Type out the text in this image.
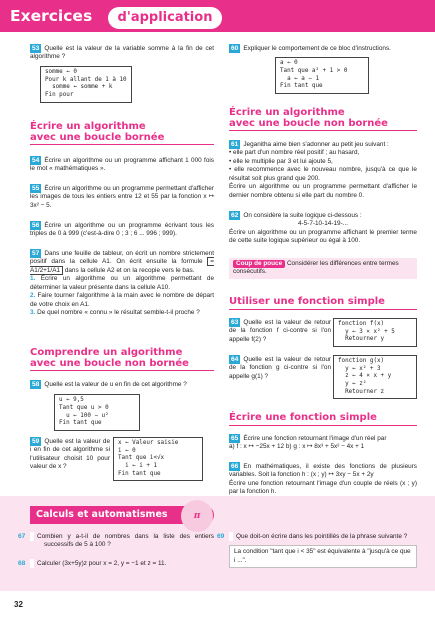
Exercices	d'application
53 Quelle est la valeur de la variable somme à la fin de cet algorithme ?
somme ← 0
Pour k allant de 1 à 10
somme ← somme + k
Fin pour
Écrire un algorithme
avec une boucle bornée
54 Écrire un algorithme ou un programme affichant 1 000 fois le mot « mathématiques ».
55 Écrire un algorithme ou un programme permettant d'afficher les images de tous les entiers entre 12 et 55 par la fonction x ↦ 3x² − 5.
56 Écrire un algorithme ou un programme écrivant tous les triples de 0 à 999 (c'est-à-dire 0 ; 3 ; 6 ... 996 ; 999).
57 Dans une feuille de tableur, on écrit un nombre strictement positif dans la cellule A1. On écrit ensuite la formule = A1/2+1/A1 dans la cellule A2 et on la recopie vers le bas.
1. Écrire un algorithme ou un algorithme permettant de déterminer la valeur présente dans la cellule A10.
2. Faire tourner l'algorithme à la main avec le nombre de départ de votre choix en A1.
3. De quel nombre « connu » le résultat semble-t-il proche ?
Comprendre un algorithme
avec une boucle non bornée
58 Quelle est la valeur de u en fin de cet algorithme ?
u ← 9,5
Tant que u > 0
u ← 100 − u²
Fin tant que
59 Quelle est la valeur de i en fin de cet algorithme si l'utilisateur choisit 10 pour valeur de x ?
x ← Valeur saisie
i ← 0
Tant que i<√x
i ← i + 1
Fin tant que
60 Expliquer le comportement de ce bloc d'instructions.
a ← 0
Tant que a² + 1 > 0
a ← a − 1
Fin tant que
Écrire un algorithme
avec une boucle non bornée
61 Jeganitha aime bien s'adonner au petit jeu suivant :
• elle part d'un nombre réel positif ; au hasard,
• elle le multiplie par 3 et lui ajoute 5,
• elle recommence avec le nouveau nombre, jusqu'à ce que le résultat soit plus grand que 200.
Écrire un algorithme ou un programme permettant d'afficher le dernier nombre obtenu si elle part du nombre 0.
62 On considère la suite logique ci-dessous :
4-5-7-10-14-19-...
Écrire un algorithme ou un programme affichant le premier terme de cette suite logique supérieur ou égal à 100.
Coup de pouce Considérer les différences entre termes consécutifs.
Utiliser une fonction simple
63 Quelle est la valeur de retour de la fonction f ci-contre si l'on appelle f(2) ?
fonction f(x)
y ← 3 × x² + 5
Retourner y
64 Quelle est la valeur de retour de la fonction g ci-contre si l'on appelle g(1) ?
fonction g(x)
y ← x² + 3
z ← 4 × x + y
y ← z²
Retourner z
Écrire une fonction simple
65 Écrire une fonction retournant l'image d'un réel par
a) f : x ↦ −25x + 12 b) g : x ↦ 8x³ + 5x² − 4x + 1
66 En mathématiques, il existe des fonctions de plusieurs variables. Soit la fonction h : (x ; y) ↦ 3xy − 5x + 2y
Écrire une fonction retournant l'image d'un couple de réels (x ; y) par la fonction h.
Calculs et automatismes	π
67 Combien y a-t-il de nombres dans la liste des entiers successifs de 5 à 100 ?
68 Calculer (3x+5y)z pour x = 2, y = −1 et z = 11.
69 Que doit-on écrire dans les pointillés de la phrase suivante ?
La condition "tant que i < 35" est équivalente à "jusqu'à ce que i ...".
32
